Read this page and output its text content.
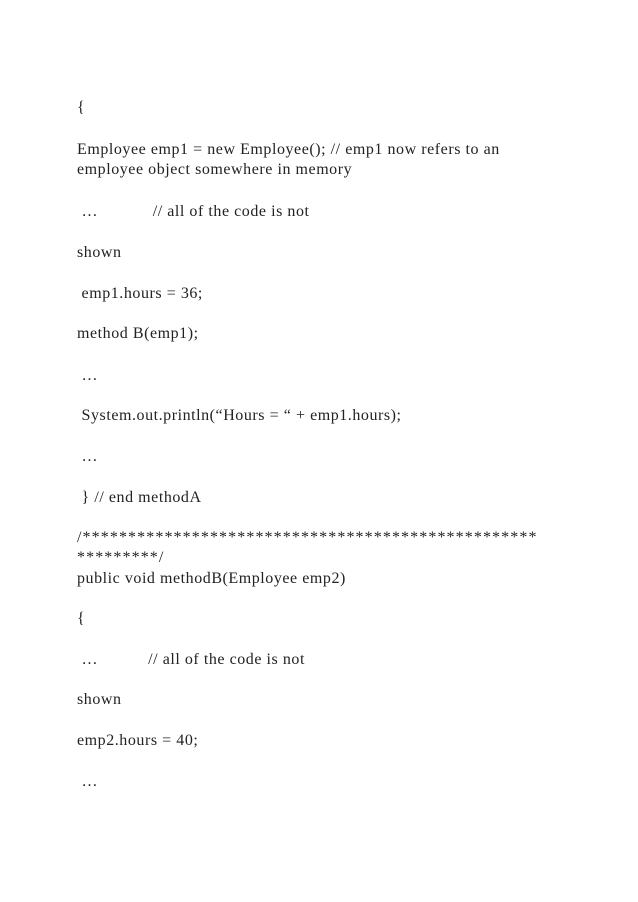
{

Employee emp1 = new Employee(); // emp1 now refers to an

employee object somewhere in memory

…            // all of the code is not

shown

emp1.hours = 36;

method B(emp1);

…

System.out.println(“Hours = “ + emp1.hours);

…

} // end methodA

/**************************************************

*********/

public void methodB(Employee emp2)

{

…           // all of the code is not

shown

emp2.hours = 40;

…
